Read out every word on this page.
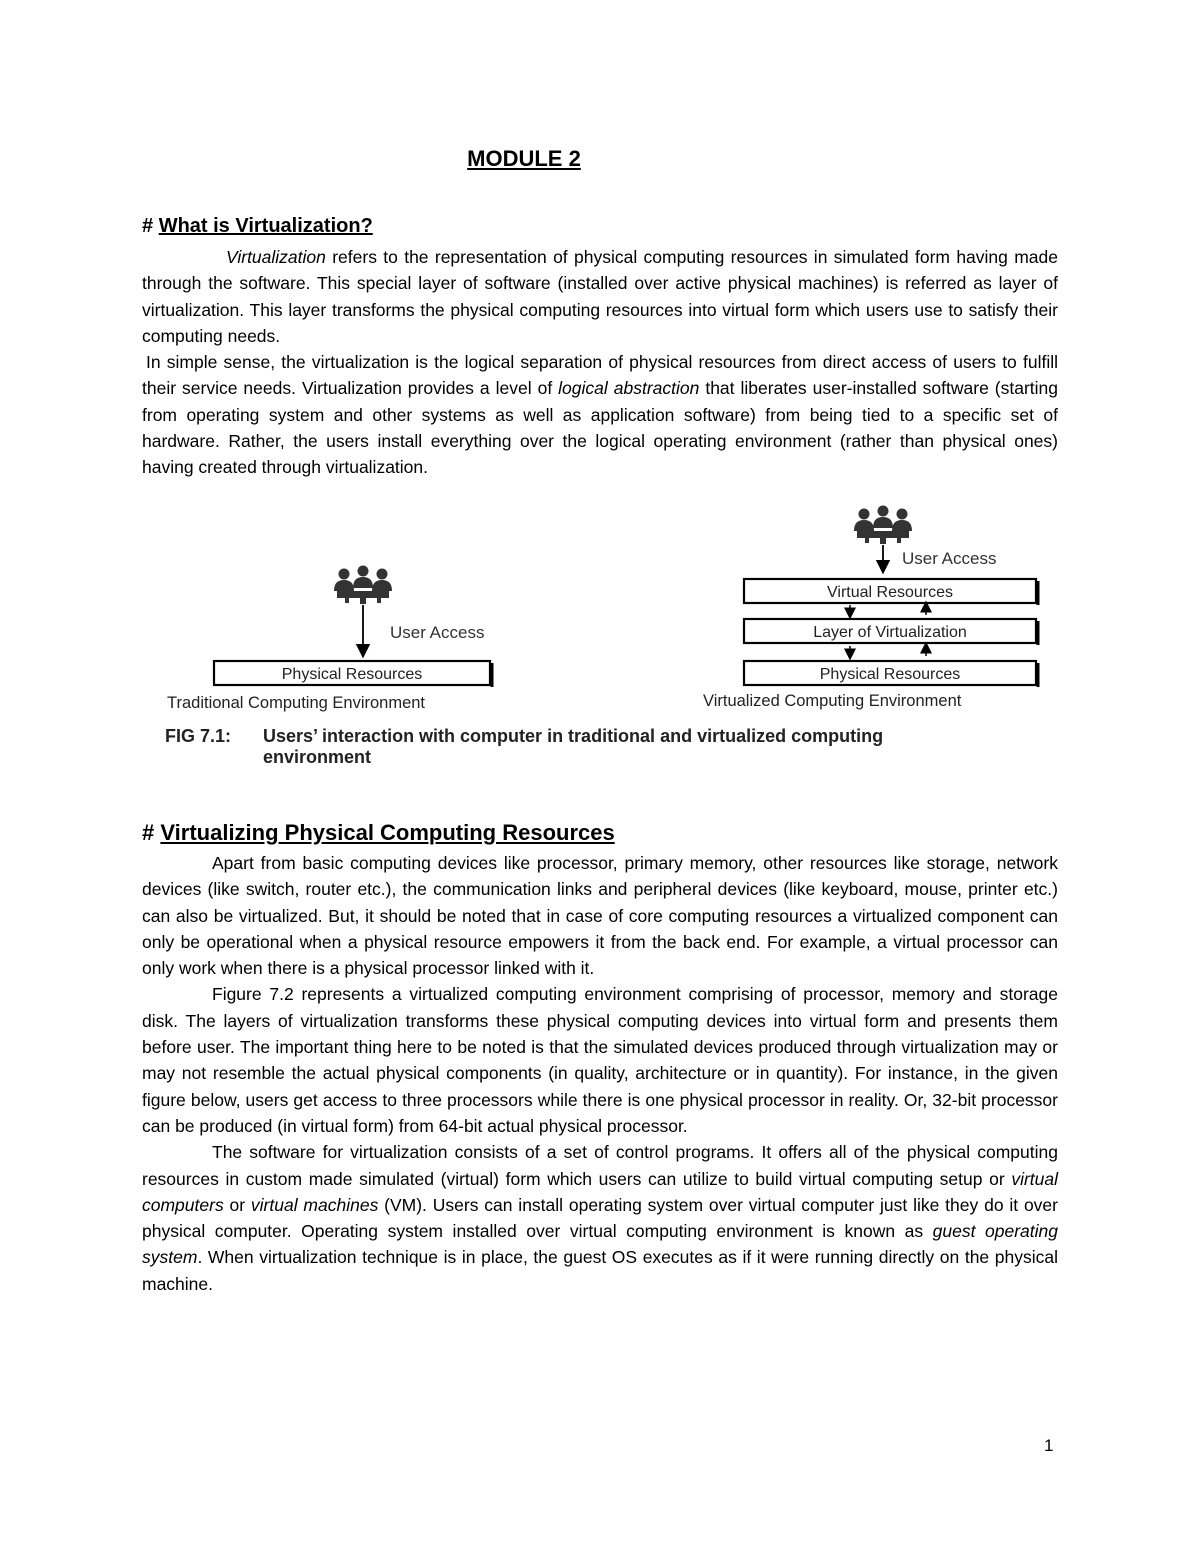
MODULE 2
# What is Virtualization?

Virtualization refers to the representation of physical computing resources in simulated form having made through the software. This special layer of software (installed over active physical machines) is referred as layer of virtualization. This layer transforms the physical computing resources into virtual form which users use to satisfy their computing needs.

In simple sense, the virtualization is the logical separation of physical resources from direct access of users to fulfill their service needs. Virtualization provides a level of logical abstraction that liberates user-installed software (starting from operating system and other systems as well as application software) from being tied to a specific set of hardware. Rather, the users install everything over the logical operating environment (rather than physical ones) having created through virtualization.

User Access
Physical Resources
Traditional Computing Environment
User Access
Virtual Resources
Layer of Virtualization
Physical Resources
Virtualized Computing Environment
FIG 7.1: Users’ interaction with computer in traditional and virtualized computing
environment
# Virtualizing Physical Computing Resources

Apart from basic computing devices like processor, primary memory, other resources like storage, network devices (like switch, router etc.), the communication links and peripheral devices (like keyboard, mouse, printer etc.) can also be virtualized. But, it should be noted that in case of core computing resources a virtualized component can only be operational when a physical resource empowers it from the back end. For example, a virtual processor can only work when there is a physical processor linked with it.

Figure 7.2 represents a virtualized computing environment comprising of processor, memory and storage disk. The layers of virtualization transforms these physical computing devices into virtual form and presents them before user. The important thing here to be noted is that the simulated devices produced through virtualization may or may not resemble the actual physical components (in quality, architecture or in quantity). For instance, in the given figure below, users get access to three processors while there is one physical processor in reality. Or, 32-bit processor can be produced (in virtual form) from 64-bit actual physical processor.

The software for virtualization consists of a set of control programs. It offers all of the physical computing resources in custom made simulated (virtual) form which users can utilize to build virtual computing setup or virtual computers or virtual machines (VM). Users can install operating system over virtual computer just like they do it over physical computer. Operating system installed over virtual computing environment is known as guest operating system. When virtualization technique is in place, the guest OS executes as if it were running directly on the physical machine.

1
